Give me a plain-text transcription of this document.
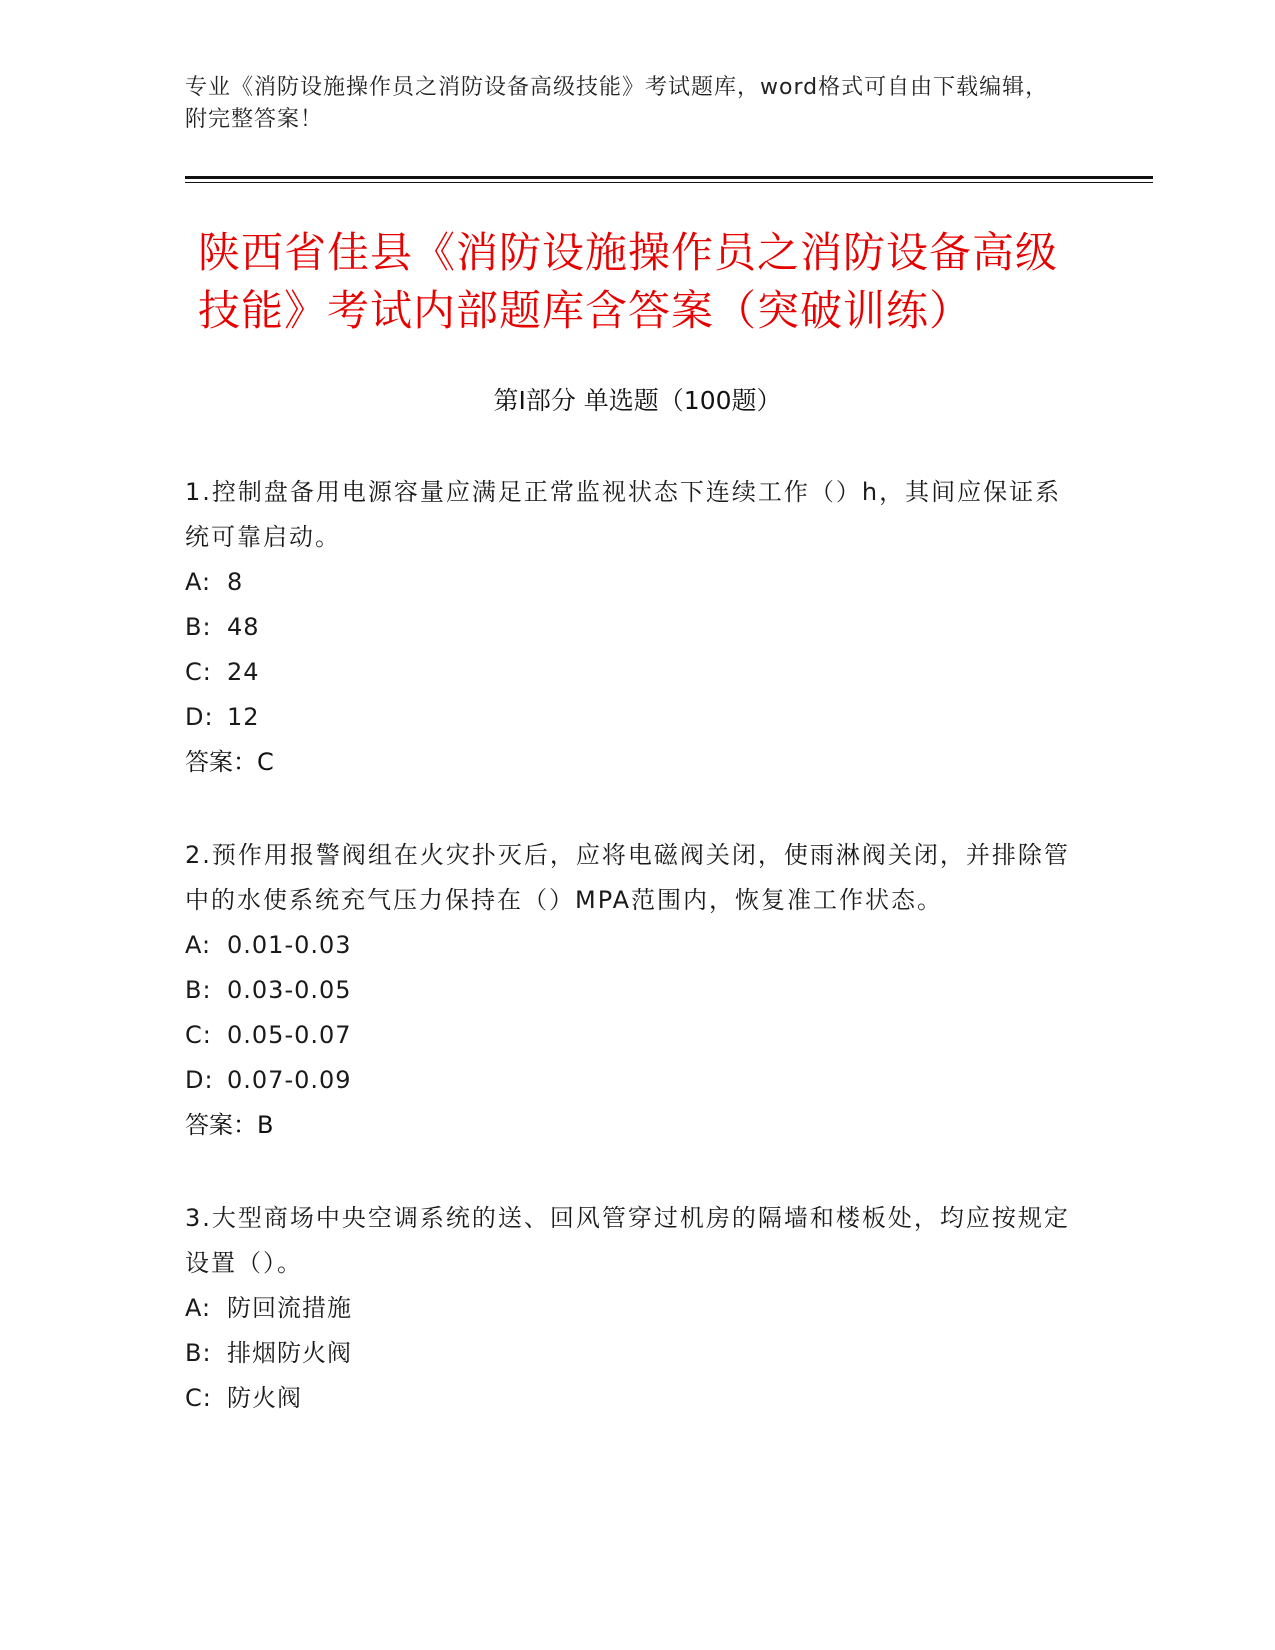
专业《消防设施操作员之消防设备高级技能》考试题库，word格式可自由下载编辑，附完整答案！
陕西省佳县《消防设施操作员之消防设备高级技能》考试内部题库含答案（突破训练）
第Ⅰ部分 单选题（100题）
1.控制盘备用电源容量应满足正常监视状态下连续工作（）h，其间应保证系统可靠启动。
A: 8
B: 48
C: 24
D: 12
答案：C
2.预作用报警阀组在火灾扑灭后，应将电磁阀关闭，使雨淋阀关闭，并排除管中的水使系统充气压力保持在（）MPA范围内，恢复准工作状态。
A: 0.01-0.03
B: 0.03-0.05
C: 0.05-0.07
D: 0.07-0.09
答案：B
3.大型商场中央空调系统的送、回风管穿过机房的隔墙和楼板处，均应按规定设置（）。
A: 防回流措施
B: 排烟防火阀
C: 防火阀
